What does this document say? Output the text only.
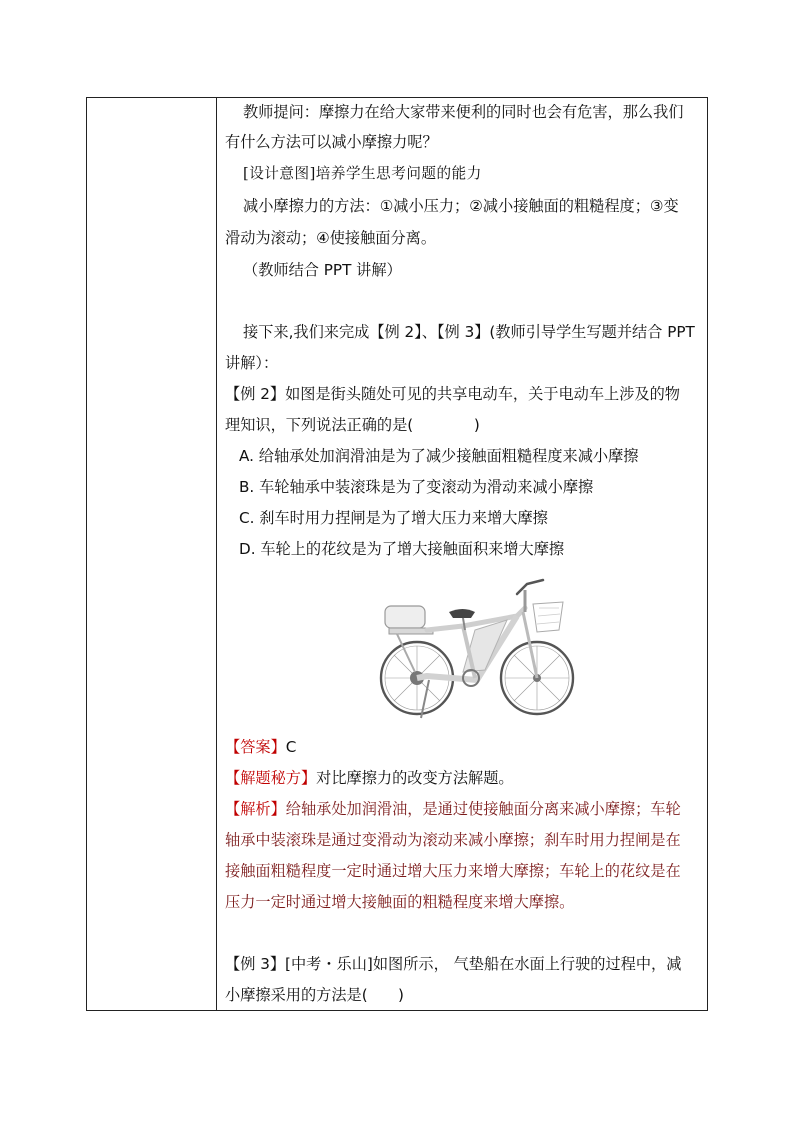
教师提问：摩擦力在给大家带来便利的同时也会有危害，那么我们
有什么方法可以减小摩擦力呢？
[设计意图]培养学生思考问题的能力
减小摩擦力的方法：①减小压力；②减小接触面的粗糙程度；③变
滑动为滚动；④使接触面分离。
（教师结合 PPT 讲解）
接下来,我们来完成【例 2】、【例 3】(教师引导学生写题并结合 PPT
讲解）：
【例 2】如图是街头随处可见的共享电动车，关于电动车上涉及的物
理知识，下列说法正确的是(　　　　)
A. 给轴承处加润滑油是为了减少接触面粗糙程度来减小摩擦
B. 车轮轴承中装滚珠是为了变滚动为滑动来减小摩擦
C. 刹车时用力捏闸是为了增大压力来增大摩擦
D. 车轮上的花纹是为了增大接触面积来增大摩擦
【答案】C
【解题秘方】对比摩擦力的改变方法解题。
【解析】给轴承处加润滑油，是通过使接触面分离来减小摩擦；车轮
轴承中装滚珠是通过变滑动为滚动来减小摩擦；刹车时用力捏闸是在
接触面粗糙程度一定时通过增大压力来增大摩擦；车轮上的花纹是在
压力一定时通过增大接触面的粗糙程度来增大摩擦。
【例 3】[中考・乐山]如图所示， 气垫船在水面上行驶的过程中，减
小摩擦采用的方法是(　　)
